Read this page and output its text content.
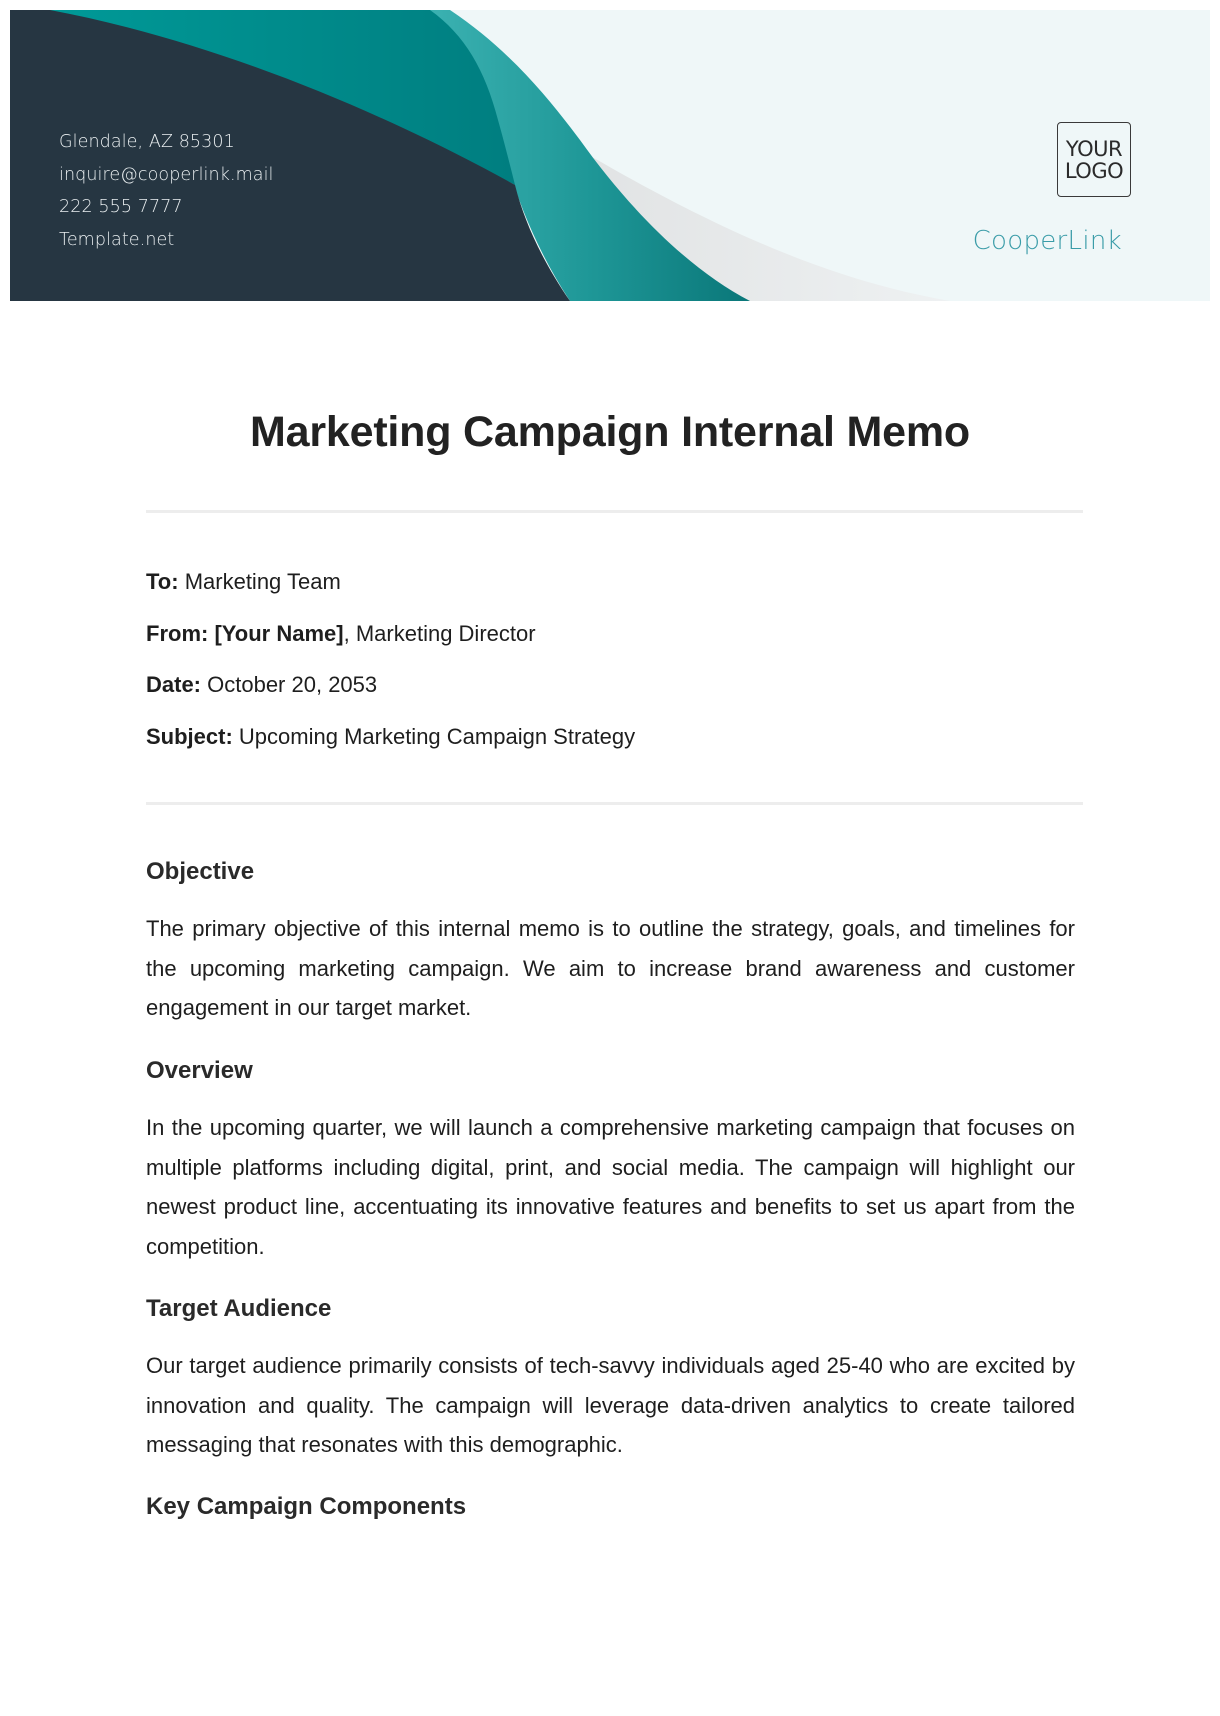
Glendale, AZ 85301
inquire@cooperlink.mail
222 555 7777
Template.net
YOUR
LOGO
CooperLink
Marketing Campaign Internal Memo
To: Marketing Team
From: [Your Name], Marketing Director
Date: October 20, 2053
Subject: Upcoming Marketing Campaign Strategy
Objective

The primary objective of this internal memo is to outline the strategy, goals, and timelines for the upcoming marketing campaign. We aim to increase brand awareness and customer engagement in our target market.

Overview

In the upcoming quarter, we will launch a comprehensive marketing campaign that focuses on multiple platforms including digital, print, and social media. The campaign will highlight our newest product line, accentuating its innovative features and benefits to set us apart from the competition.

Target Audience

Our target audience primarily consists of tech-savvy individuals aged 25-40 who are excited by innovation and quality. The campaign will leverage data-driven analytics to create tailored messaging that resonates with this demographic.

Key Campaign Components
